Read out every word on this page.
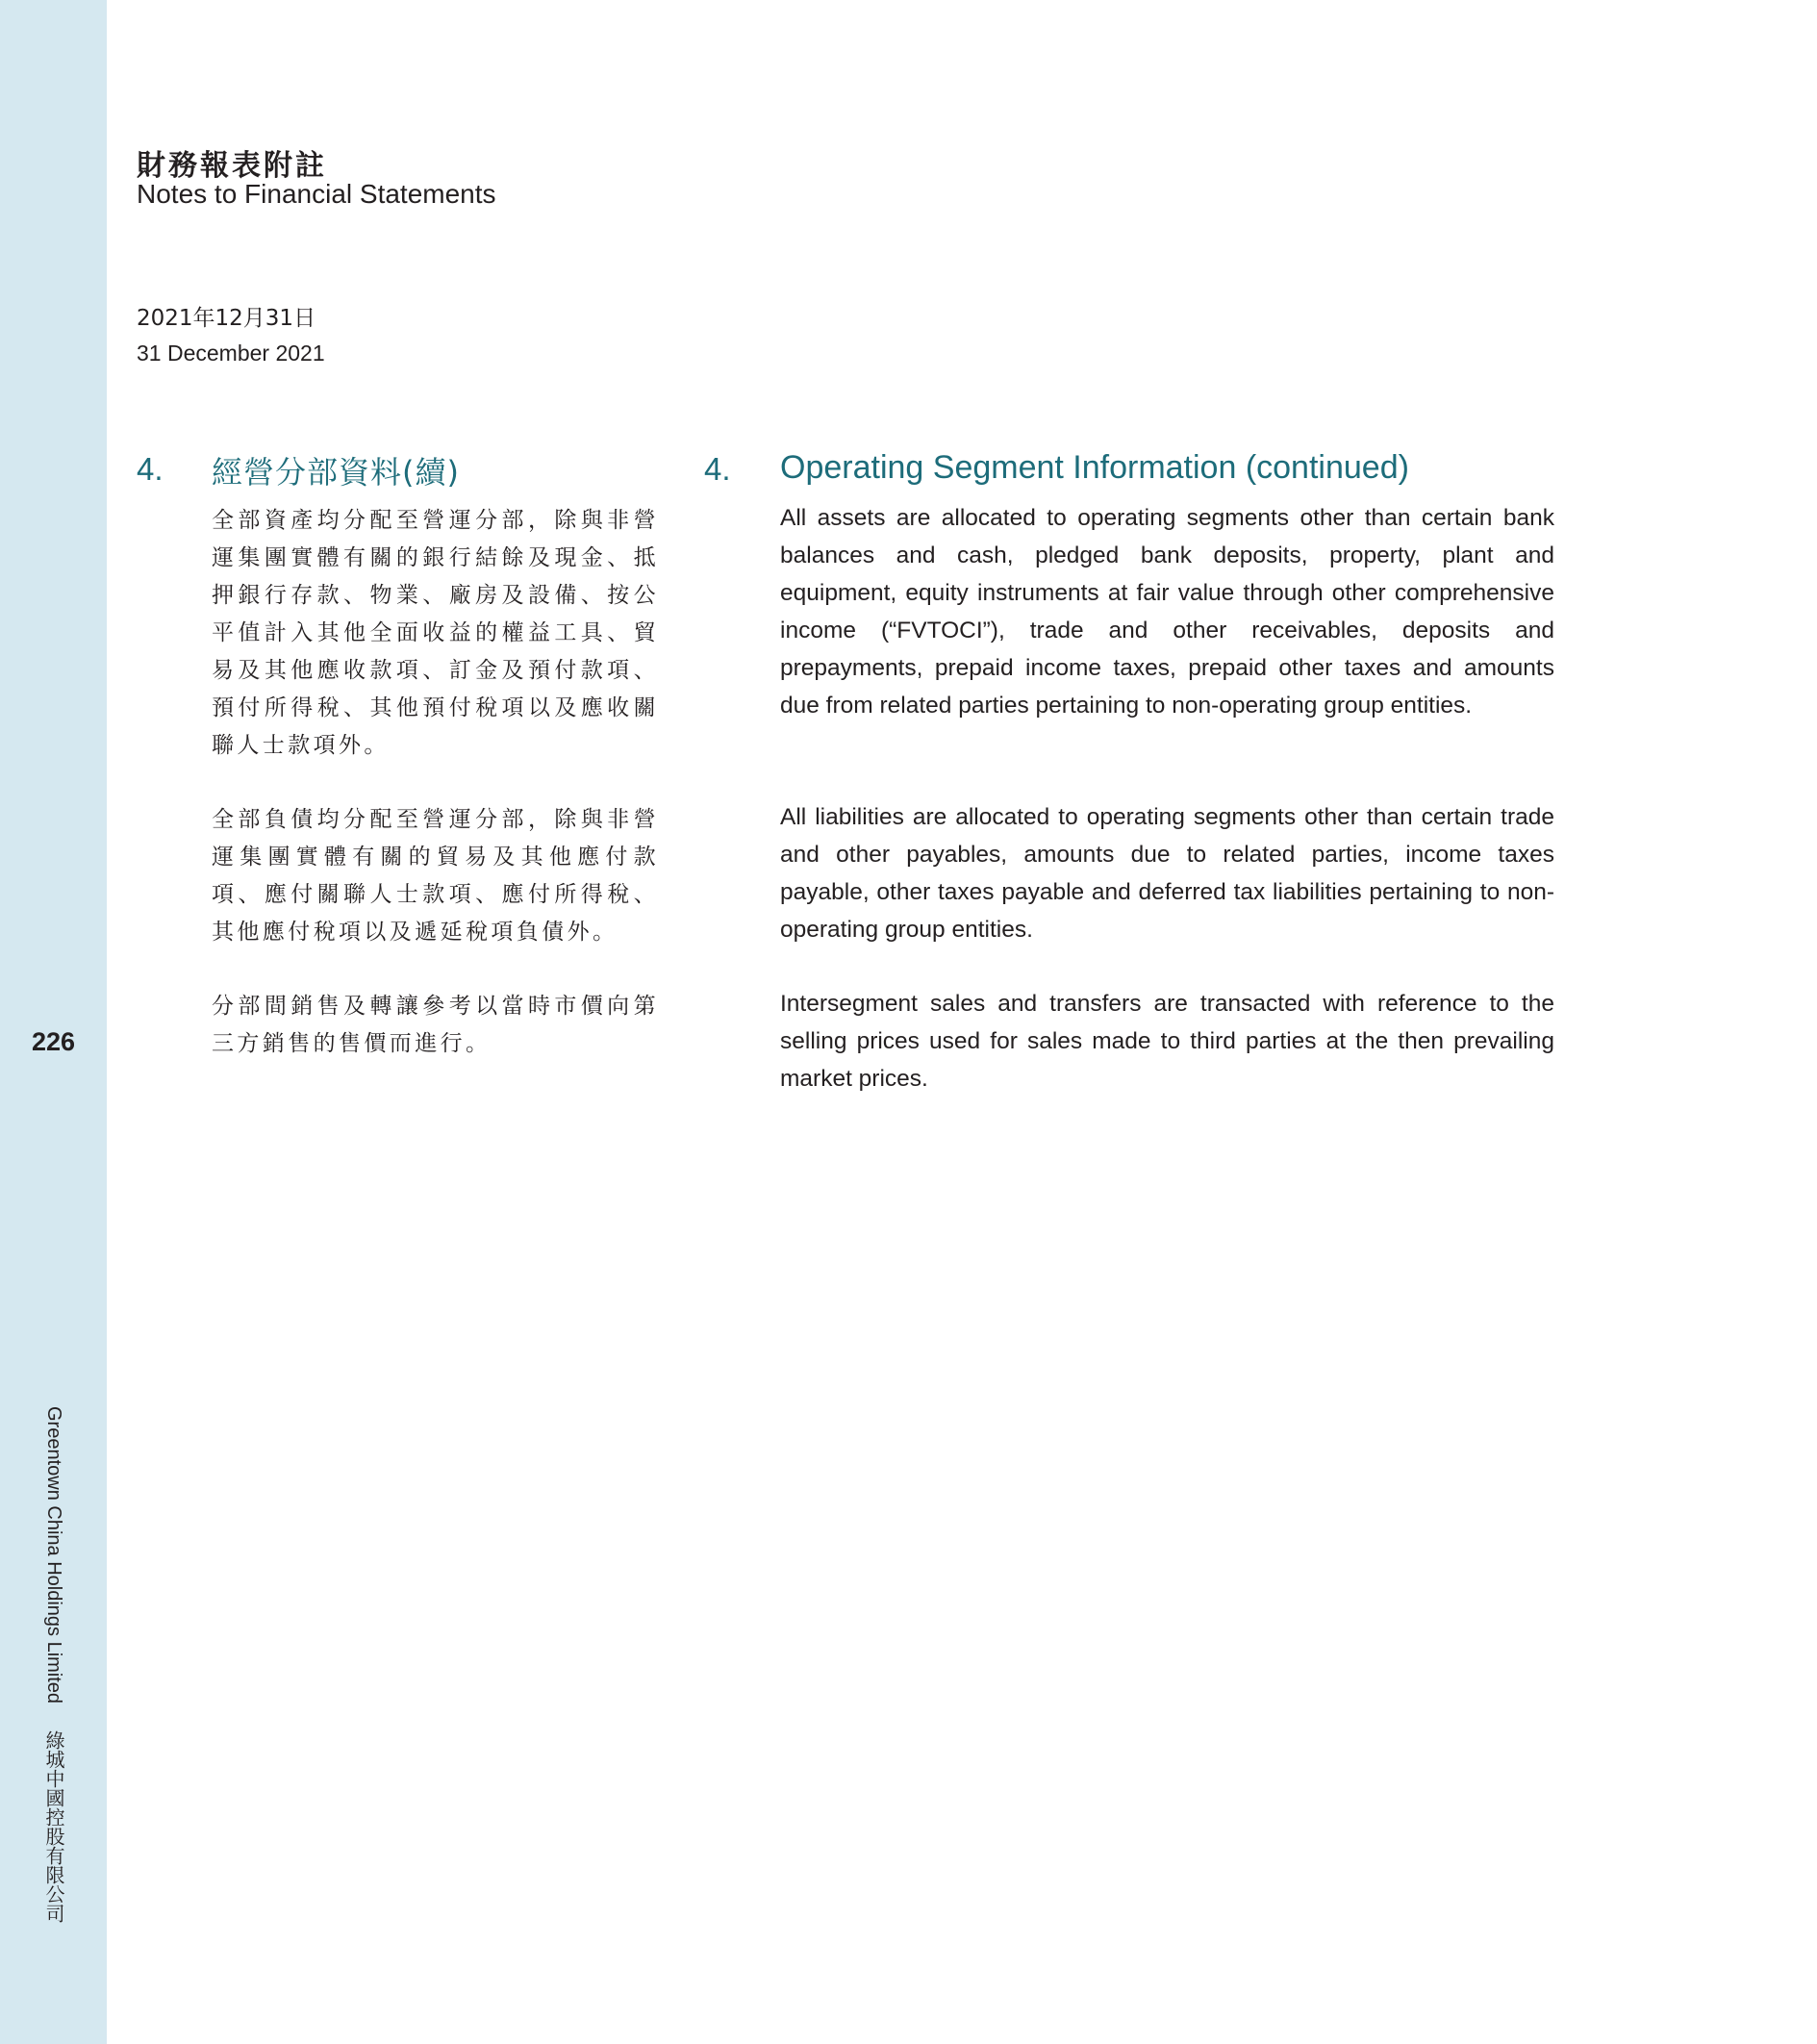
226
Greentown China Holdings Limited 綠城中國控股有限公司
財務報表附註
Notes to Financial Statements
2021年12月31日
31 December 2021
4. 經營分部資料(續)	4. Operating Segment Information (continued)

全部資產均分配至營運分部，除與非營運集團實體有關的銀行結餘及現金、抵押銀行存款、物業、廠房及設備、按公平值計入其他全面收益的權益工具、貿易及其他應收款項、訂金及預付款項、預付所得稅、其他預付稅項以及應收關聯人士款項外。

全部負債均分配至營運分部，除與非營運集團實體有關的貿易及其他應付款項、應付關聯人士款項、應付所得稅、其他應付稅項以及遞延稅項負債外。

分部間銷售及轉讓參考以當時市價向第三方銷售的售價而進行。

All assets are allocated to operating segments other than certain bank balances and cash, pledged bank deposits, property, plant and equipment, equity instruments at fair value through other comprehensive income (“FVTOCI”), trade and other receivables, deposits and prepayments, prepaid income taxes, prepaid other taxes and amounts due from related parties pertaining to non-operating group entities.

All liabilities are allocated to operating segments other than certain trade and other payables, amounts due to related parties, income taxes payable, other taxes payable and deferred tax liabilities pertaining to non-operating group entities.

Intersegment sales and transfers are transacted with reference to the selling prices used for sales made to third parties at the then prevailing market prices.
